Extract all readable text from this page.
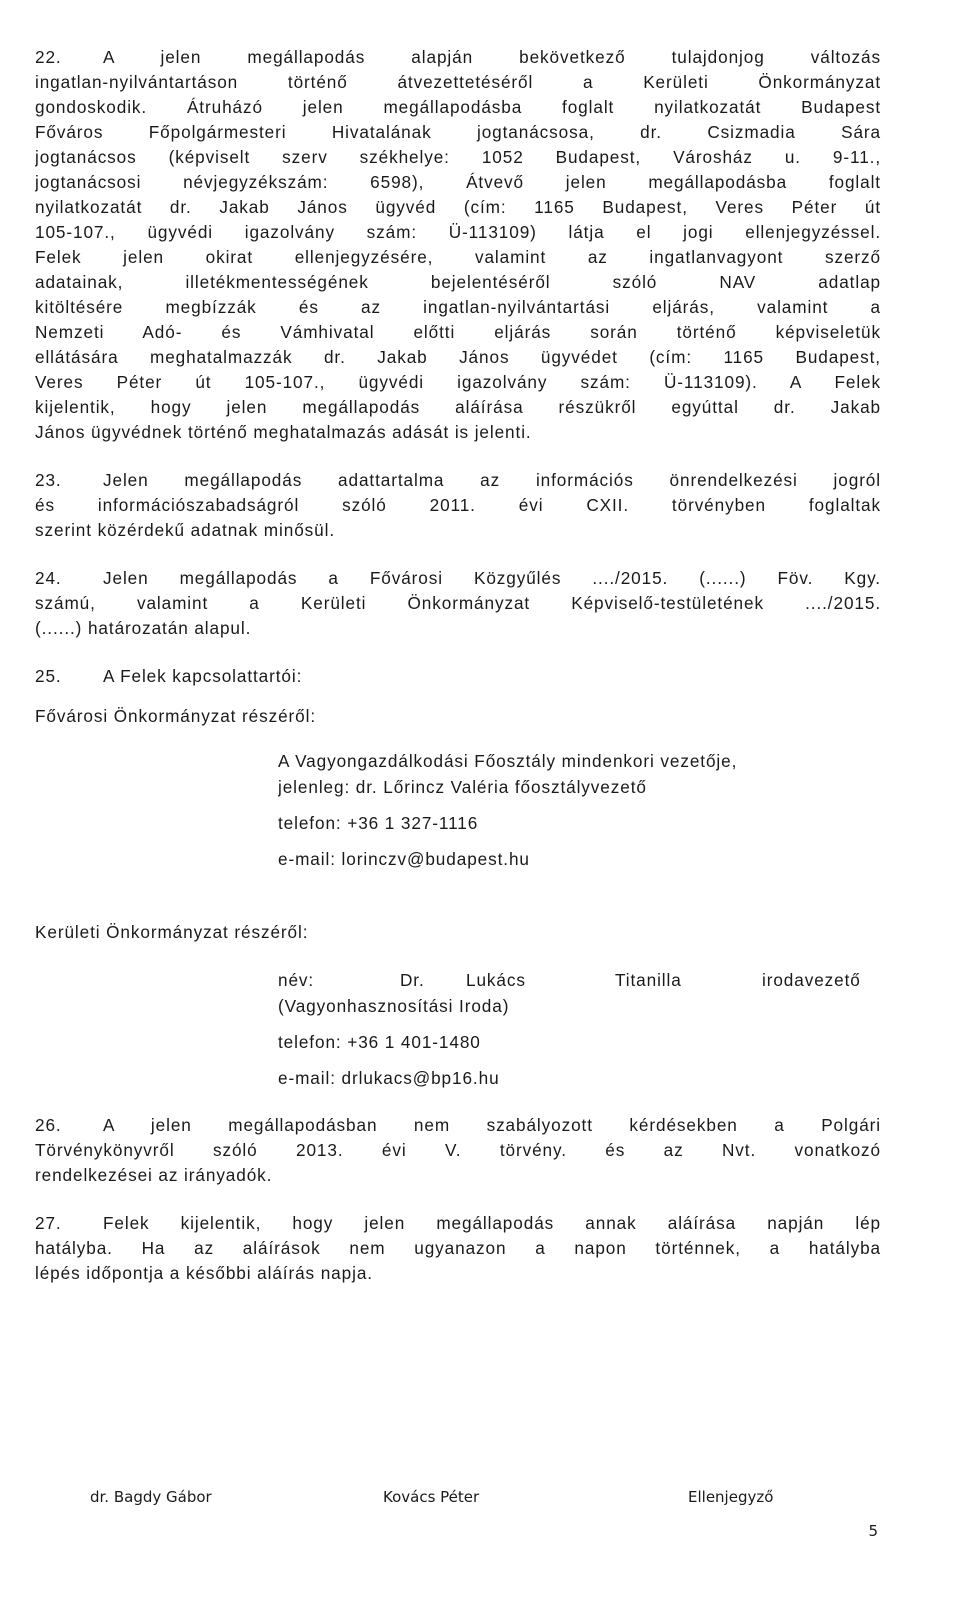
22. A jelen megállapodás alapján bekövetkező tulajdonjog változás
ingatlan-nyilvántartáson történő átvezettetéséről a Kerületi Önkormányzat
gondoskodik. Átruházó jelen megállapodásba foglalt nyilatkozatát Budapest
Főváros Főpolgármesteri Hivatalának jogtanácsosa, dr. Csizmadia Sára
jogtanácsos (képviselt szerv székhelye: 1052 Budapest, Városház u. 9-11.,
jogtanácsosi névjegyzékszám: 6598), Átvevő jelen megállapodásba foglalt
nyilatkozatát dr. Jakab János ügyvéd (cím: 1165 Budapest, Veres Péter út
105-107., ügyvédi igazolvány szám: Ü-113109) látja el jogi ellenjegyzéssel.
Felek jelen okirat ellenjegyzésére, valamint az ingatlanvagyont szerző
adatainak, illetékmentességének bejelentéséről szóló NAV adatlap
kitöltésére megbízzák és az ingatlan-nyilvántartási eljárás, valamint a
Nemzeti Adó- és Vámhivatal előtti eljárás során történő képviseletük
ellátására meghatalmazzák dr. Jakab János ügyvédet (cím: 1165 Budapest,
Veres Péter út 105-107., ügyvédi igazolvány szám: Ü-113109). A Felek
kijelentik, hogy jelen megállapodás aláírása részükről egyúttal dr. Jakab
János ügyvédnek történő meghatalmazás adását is jelenti.
23. Jelen megállapodás adattartalma az információs önrendelkezési jogról
és információszabadságról szóló 2011. évi CXII. törvényben foglaltak
szerint közérdekű adatnak minősül.
24. Jelen megállapodás a Fővárosi Közgyűlés ..../2015. (......) Föv. Kgy.
számú, valamint a Kerületi Önkormányzat Képviselő-testületének ..../2015.
(......) határozatán alapul.
25. A Felek kapcsolattartói:
Fővárosi Önkormányzat részéről:
A Vagyongazdálkodási Főosztály mindenkori vezetője,
jelenleg: dr. Lőrincz Valéria főosztályvezető
telefon: +36 1 327-1116
e-mail: lorinczv@budapest.hu
Kerületi Önkormányzat részéről:
név:	Dr. Lukács	Titanilla	irodavezető
(Vagyonhasznosítási Iroda)
telefon: +36 1 401-1480
e-mail: drlukacs@bp16.hu
26. A jelen megállapodásban nem szabályozott kérdésekben a Polgári
Törvénykönyvről szóló 2013. évi V. törvény. és az Nvt. vonatkozó
rendelkezései az irányadók.
27. Felek kijelentik, hogy jelen megállapodás annak aláírása napján lép
hatályba. Ha az aláírások nem ugyanazon a napon történnek, a hatályba
lépés időpontja a későbbi aláírás napja.
dr. Bagdy Gábor	Kovács Péter	Ellenjegyző
5
